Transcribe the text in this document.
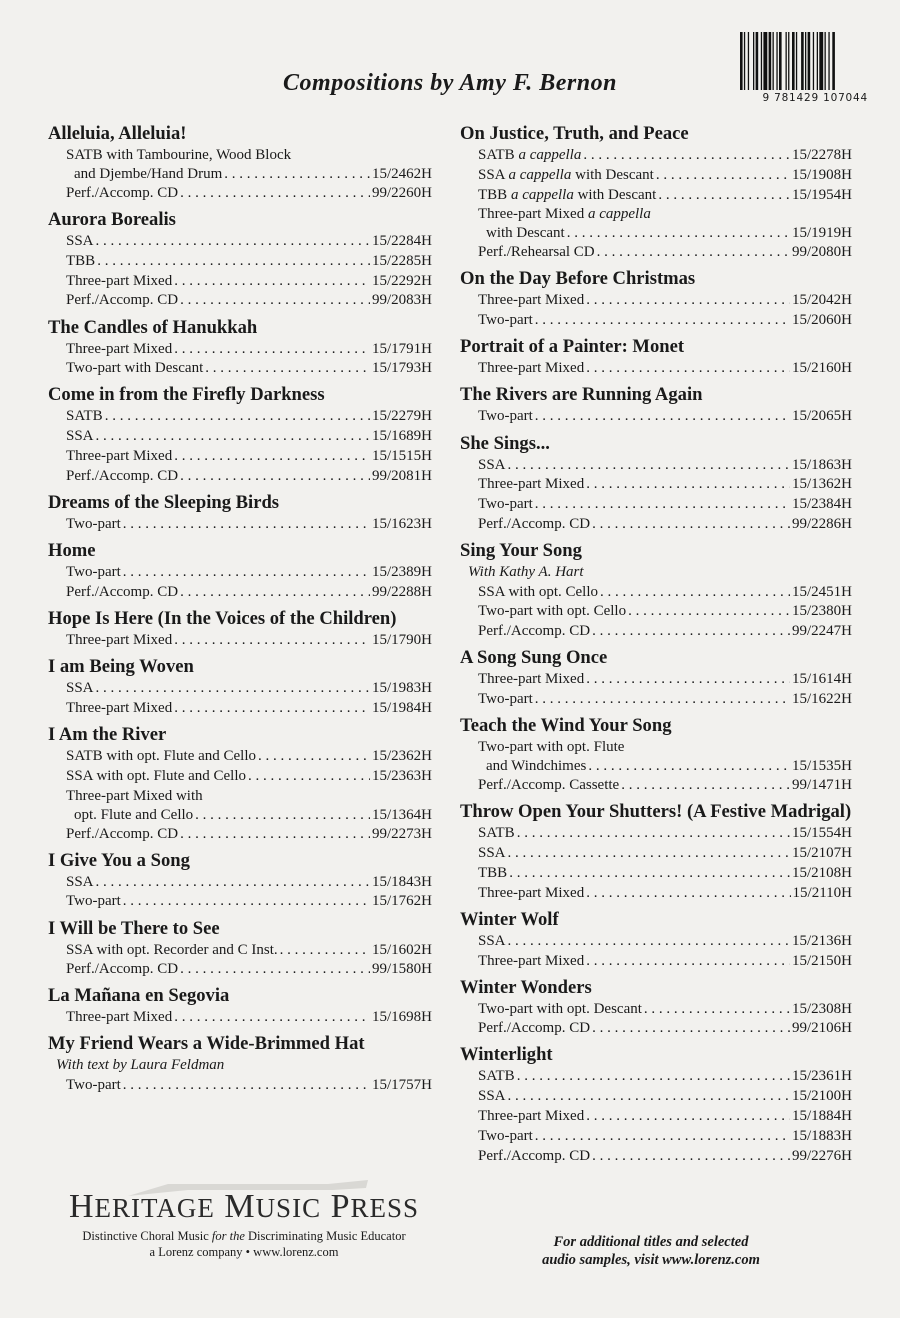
9 781429 107044
Compositions by Amy F. Bernon
Alleluia, Alleluia!
SATB with Tambourine, Wood Block
and Djembe/Hand Drum . . .	15/2462H
Perf./Accomp. CD . . .	99/2260H
Aurora Borealis
SSA . . .	15/2284H
TBB . . .	15/2285H
Three-part Mixed . . .	15/2292H
Perf./Accomp. CD . . .	99/2083H
The Candles of Hanukkah
Three-part Mixed . . .	15/1791H
Two-part with Descant . . .	15/1793H
Come in from the Firefly Darkness
SATB . . .	15/2279H
SSA . . .	15/1689H
Three-part Mixed . . .	15/1515H
Perf./Accomp. CD . . .	99/2081H
Dreams of the Sleeping Birds
Two-part . . .	15/1623H
Home
Two-part . . .	15/2389H
Perf./Accomp. CD . . .	99/2288H
Hope Is Here (In the Voices of the Children)
Three-part Mixed . . .	15/1790H
I am Being Woven
SSA . . .	15/1983H
Three-part Mixed . . .	15/1984H
I Am the River
SATB with opt. Flute and Cello . . .	15/2362H
SSA with opt. Flute and Cello . . .	15/2363H
Three-part Mixed with
opt. Flute and Cello . . .	15/1364H
Perf./Accomp. CD . . .	99/2273H
I Give You a Song
SSA . . .	15/1843H
Two-part . . .	15/1762H
I Will be There to See
SSA with opt. Recorder and C Inst. . . .	15/1602H
Perf./Accomp. CD . . .	99/1580H
La Mañana en Segovia
Three-part Mixed . . .	15/1698H
My Friend Wears a Wide-Brimmed Hat
With text by Laura Feldman
Two-part . . .	15/1757H
On Justice, Truth, and Peace
SATB a cappella . . .	15/2278H
SSA a cappella with Descant . . .	15/1908H
TBB a cappella with Descant . . .	15/1954H
Three-part Mixed a cappella
with Descant . . .	15/1919H
Perf./Rehearsal CD . . .	99/2080H
On the Day Before Christmas
Three-part Mixed . . .	15/2042H
Two-part . . .	15/2060H
Portrait of a Painter: Monet
Three-part Mixed . . .	15/2160H
The Rivers are Running Again
Two-part . . .	15/2065H
She Sings...
SSA . . .	15/1863H
Three-part Mixed . . .	15/1362H
Two-part . . .	15/2384H
Perf./Accomp. CD . . .	99/2286H
Sing Your Song
With Kathy A. Hart
SSA with opt. Cello . . .	15/2451H
Two-part with opt. Cello . . .	15/2380H
Perf./Accomp. CD . . .	99/2247H
A Song Sung Once
Three-part Mixed . . .	15/1614H
Two-part . . .	15/1622H
Teach the Wind Your Song
Two-part with opt. Flute
and Windchimes . . .	15/1535H
Perf./Accomp. Cassette . . .	99/1471H
Throw Open Your Shutters! (A Festive Madrigal)
SATB . . .	15/1554H
SSA . . .	15/2107H
TBB . . .	15/2108H
Three-part Mixed . . .	15/2110H
Winter Wolf
SSA . . .	15/2136H
Three-part Mixed . . .	15/2150H
Winter Wonders
Two-part with opt. Descant . . .	15/2308H
Perf./Accomp. CD . . .	99/2106H
Winterlight
SATB . . .	15/2361H
SSA . . .	15/2100H
Three-part Mixed . . .	15/1884H
Two-part . . .	15/1883H
Perf./Accomp. CD . . .	99/2276H
HERITAGE MUSIC PRESS
Distinctive Choral Music for the Discriminating Music Educator
a Lorenz company • www.lorenz.com
For additional titles and selected
audio samples, visit www.lorenz.com
